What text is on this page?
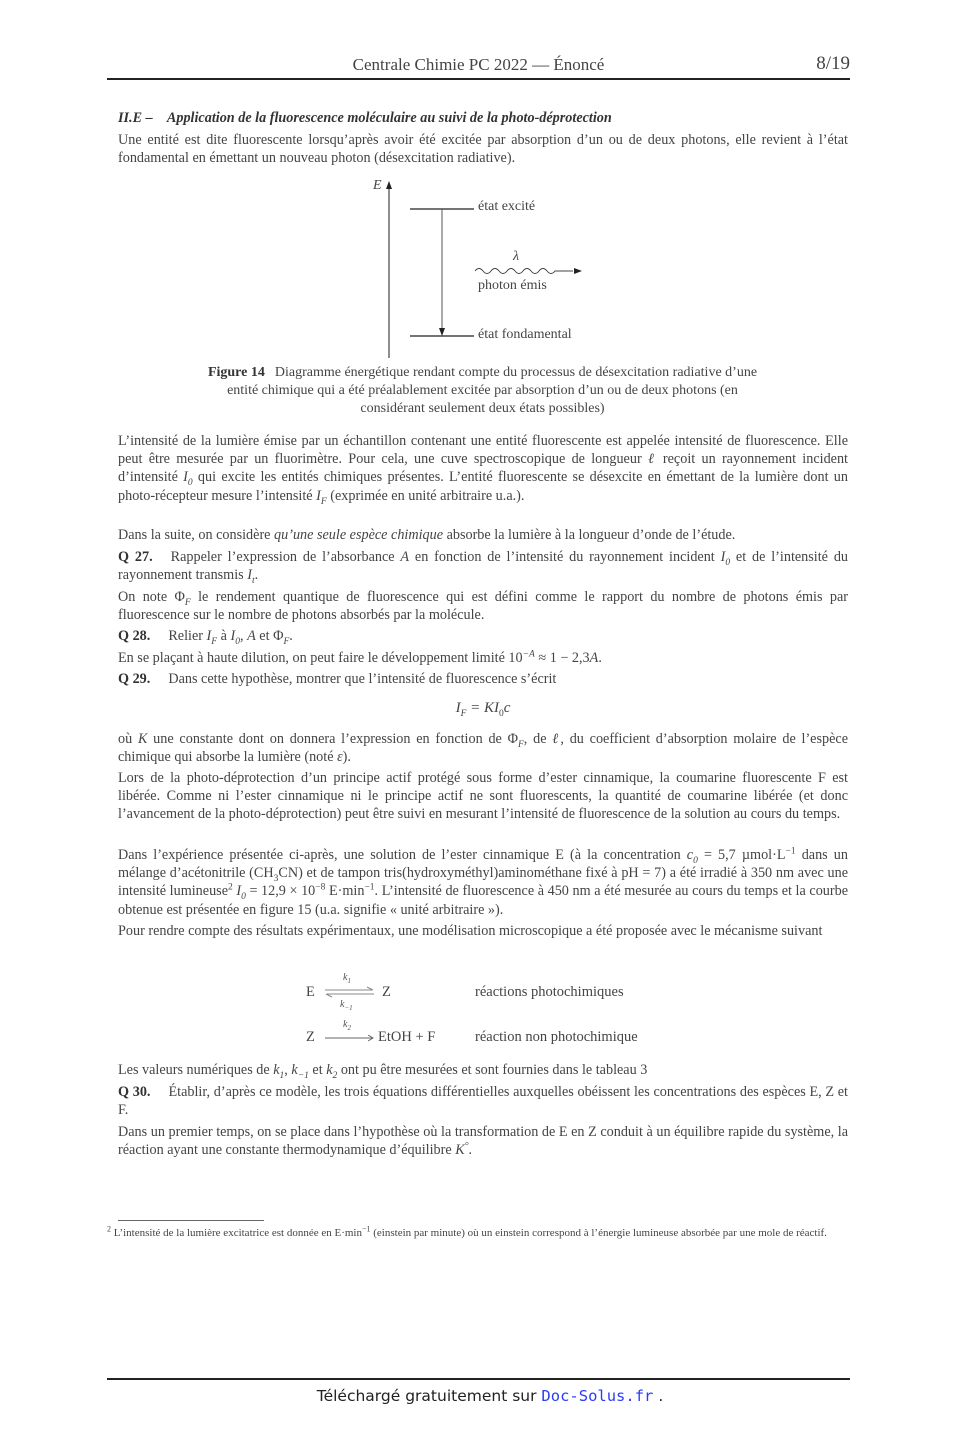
Centrale Chimie PC 2022 — Énoncé	8/19
II.E – Application de la fluorescence moléculaire au suivi de la photo-déprotection
Une entité est dite fluorescente lorsqu’après avoir été excitée par absorption d’un ou de deux photons, elle revient à l’état fondamental en émettant un nouveau photon (désexcitation radiative).
E
état excité
λ
photon émis
état fondamental
Figure 14 Diagramme énergétique rendant compte du processus de désexcitation radiative d’une entité chimique qui a été préalablement excitée par absorption d’un ou de deux photons (en considérant seulement deux états possibles)
L’intensité de la lumière émise par un échantillon contenant une entité fluorescente est appelée intensité de fluorescence. Elle peut être mesurée par un fluorimètre. Pour cela, une cuve spectroscopique de longueur ℓ reçoit un rayonnement incident d’intensité $I_0$ qui excite les entités chimiques présentes. L’entité fluorescente se désexcite en émettant de la lumière dont un photo-récepteur mesure l’intensité $I_F$ (exprimée en unité arbitraire u.a.).
Dans la suite, on considère qu’une seule espèce chimique absorbe la lumière à la longueur d’onde de l’étude.
Q 27. Rappeler l’expression de l’absorbance A en fonction de l’intensité du rayonnement incident $I_0$ et de l’intensité du rayonnement transmis $I_t$.
On note $\Phi_F$ le rendement quantique de fluorescence qui est défini comme le rapport du nombre de photons émis par fluorescence sur le nombre de photons absorbés par la molécule.
Q 28. Relier $I_F$ à $I_0$, A et $\Phi_F$.
En se plaçant à haute dilution, on peut faire le développement limité $10^{-A} \approx 1 - 2,3A$.
Q 29. Dans cette hypothèse, montrer que l’intensité de fluorescence s’écrit
$I_F = KI_0c$
où K une constante dont on donnera l’expression en fonction de $\Phi_F$, de ℓ, du coefficient d’absorption molaire de l’espèce chimique qui absorbe la lumière (noté ε).
Lors de la photo-déprotection d’un principe actif protégé sous forme d’ester cinnamique, la coumarine fluorescente F est libérée. Comme ni l’ester cinnamique ni le principe actif ne sont fluorescents, la quantité de coumarine libérée (et donc l’avancement de la photo-déprotection) peut être suivi en mesurant l’intensité de fluorescence de la solution au cours du temps.
Dans l’expérience présentée ci-après, une solution de l’ester cinnamique E (à la concentration $c_0 = 5,7$ $\mu mol\cdot L^{-1}$ dans un mélange d’acétonitrile $(CH_3CN)$ et de tampon tris(hydroxyméthyl)aminométhane fixé à pH = 7) a été irradié à 350 nm avec une intensité lumineuse$^2$ $I_0 = 12,9 \times 10^{-8}$ $E\cdot\min^{-1}$. L’intensité de fluorescence à 450 nm a été mesurée au cours du temps et la courbe obtenue est présentée en figure 15 (u.a. signifie « unité arbitraire »).
Pour rendre compte des résultats expérimentaux, une modélisation microscopique a été proposée avec le mécanisme suivant
E ⇌
$k_1$
$k_{-1}$
Z	réactions photochimiques
Z
$k_2$
EtOH + F	réaction non photochimique
Les valeurs numériques de $k_1$, $k_{-1}$ et $k_2$ ont pu être mesurées et sont fournies dans le tableau 3
Q 30. Établir, d’après ce modèle, les trois équations différentielles auxquelles obéissent les concentrations des espèces E, Z et F.
Dans un premier temps, on se place dans l’hypothèse où la transformation de E en Z conduit à un équilibre rapide du système, la réaction ayant une constante thermodynamique d’équilibre K°.
$^2$ L’intensité de la lumière excitatrice est donnée en $E\cdot\min^{-1}$ (einstein par minute) où un einstein correspond à l’énergie lumineuse absorbée par une mole de réactif.
Téléchargé gratuitement sur Doc-Solus.fr .
